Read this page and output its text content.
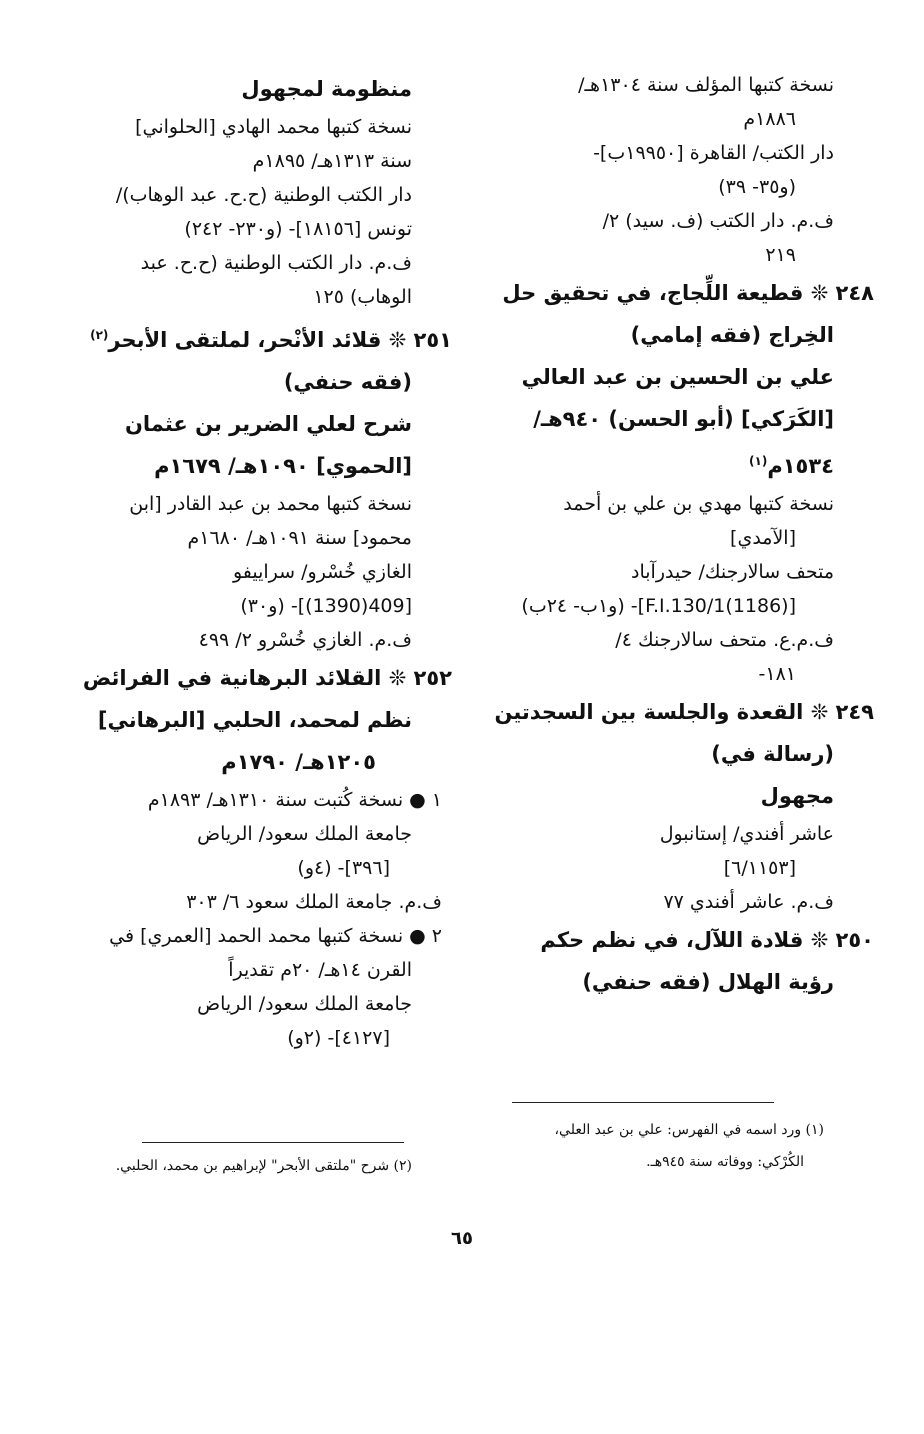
نسخة كتبها المؤلف سنة ١٣٠٤هـ/
١٨٨٦م
دار الكتب/ القاهرة [١٩٩٥٠ب]-
(و٣٥- ٣٩)
ف.م. دار الكتب (ف. سيد) ٢/
٢١٩
٢٤٨ ❊ قطيعة اللِّجاج، في تحقيق حل
الخِراج (فقه إمامي)
علي بن الحسين بن عبد العالي
[الكَرَكي] (أبو الحسن) ٩٤٠هـ/
١٥٣٤م$^{(١)}$
نسخة كتبها مهدي بن علي بن أحمد
[الآمدي]
متحف سالارجنك/ حيدرآباد
[(1186)F.I.130/1]- (و١ب- ٢٤ب)
ف.م.ع. متحف سالارجنك ٤/
١٨١-
٢٤٩ ❊ القعدة والجلسة بين السجدتين
(رسالة في)
مجهول
عاشر أفندي/ إستانبول
[٦/١١٥٣]
ف.م. عاشر أفندي ٧٧
٢٥٠ ❊ قلادة اللآل، في نظم حكم
رؤية الهلال (فقه حنفي)
منظومة لمجهول
نسخة كتبها محمد الهادي [الحلواني]
سنة ١٣١٣هـ/ ١٨٩٥م
دار الكتب الوطنية (ح.ح. عبد الوهاب)/
تونس [١٨١٥٦]- (و٢٣٠- ٢٤٢)
ف.م. دار الكتب الوطنية (ح.ح. عبد
الوهاب) ١٢٥
٢٥١ ❊ قلائد الأنْحر، لملتقى الأبحر$^{(٢)}$
(فقه حنفي)
شرح لعلي الضرير بن عثمان
[الحموي] ١٠٩٠هـ/ ١٦٧٩م
نسخة كتبها محمد بن عبد القادر [ابن
محمود] سنة ١٠٩١هـ/ ١٦٨٠م
الغازي خُسْرو/ سراييفو
[409(1390)]- (و٣٠)
ف.م. الغازي خُسْرو ٢/ ٤٩٩
٢٥٢ ❊ القلائد البرهانية في الفرائض
نظم لمحمد، الحلبي [البرهاني]
١٢٠٥هـ/ ١٧٩٠م
١ ● نسخة كُتبت سنة ١٣١٠هـ/ ١٨٩٣م
جامعة الملك سعود/ الرياض
[٣٩٦]- (٤و)
ف.م. جامعة الملك سعود ٦/ ٣٠٣
٢ ● نسخة كتبها محمد الحمد [العمري] في
القرن ١٤هـ/ ٢٠م تقديراً
جامعة الملك سعود/ الرياض
[٤١٢٧]- (٢و)
(١) ورد اسمه في الفهرس: علي بن عبد العلي،
الكُرْكي: ووفاته سنة ٩٤٥هـ.
(٢) شرح "ملتقى الأبحر" لإبراهيم بن محمد، الحلبي.
٦٥
